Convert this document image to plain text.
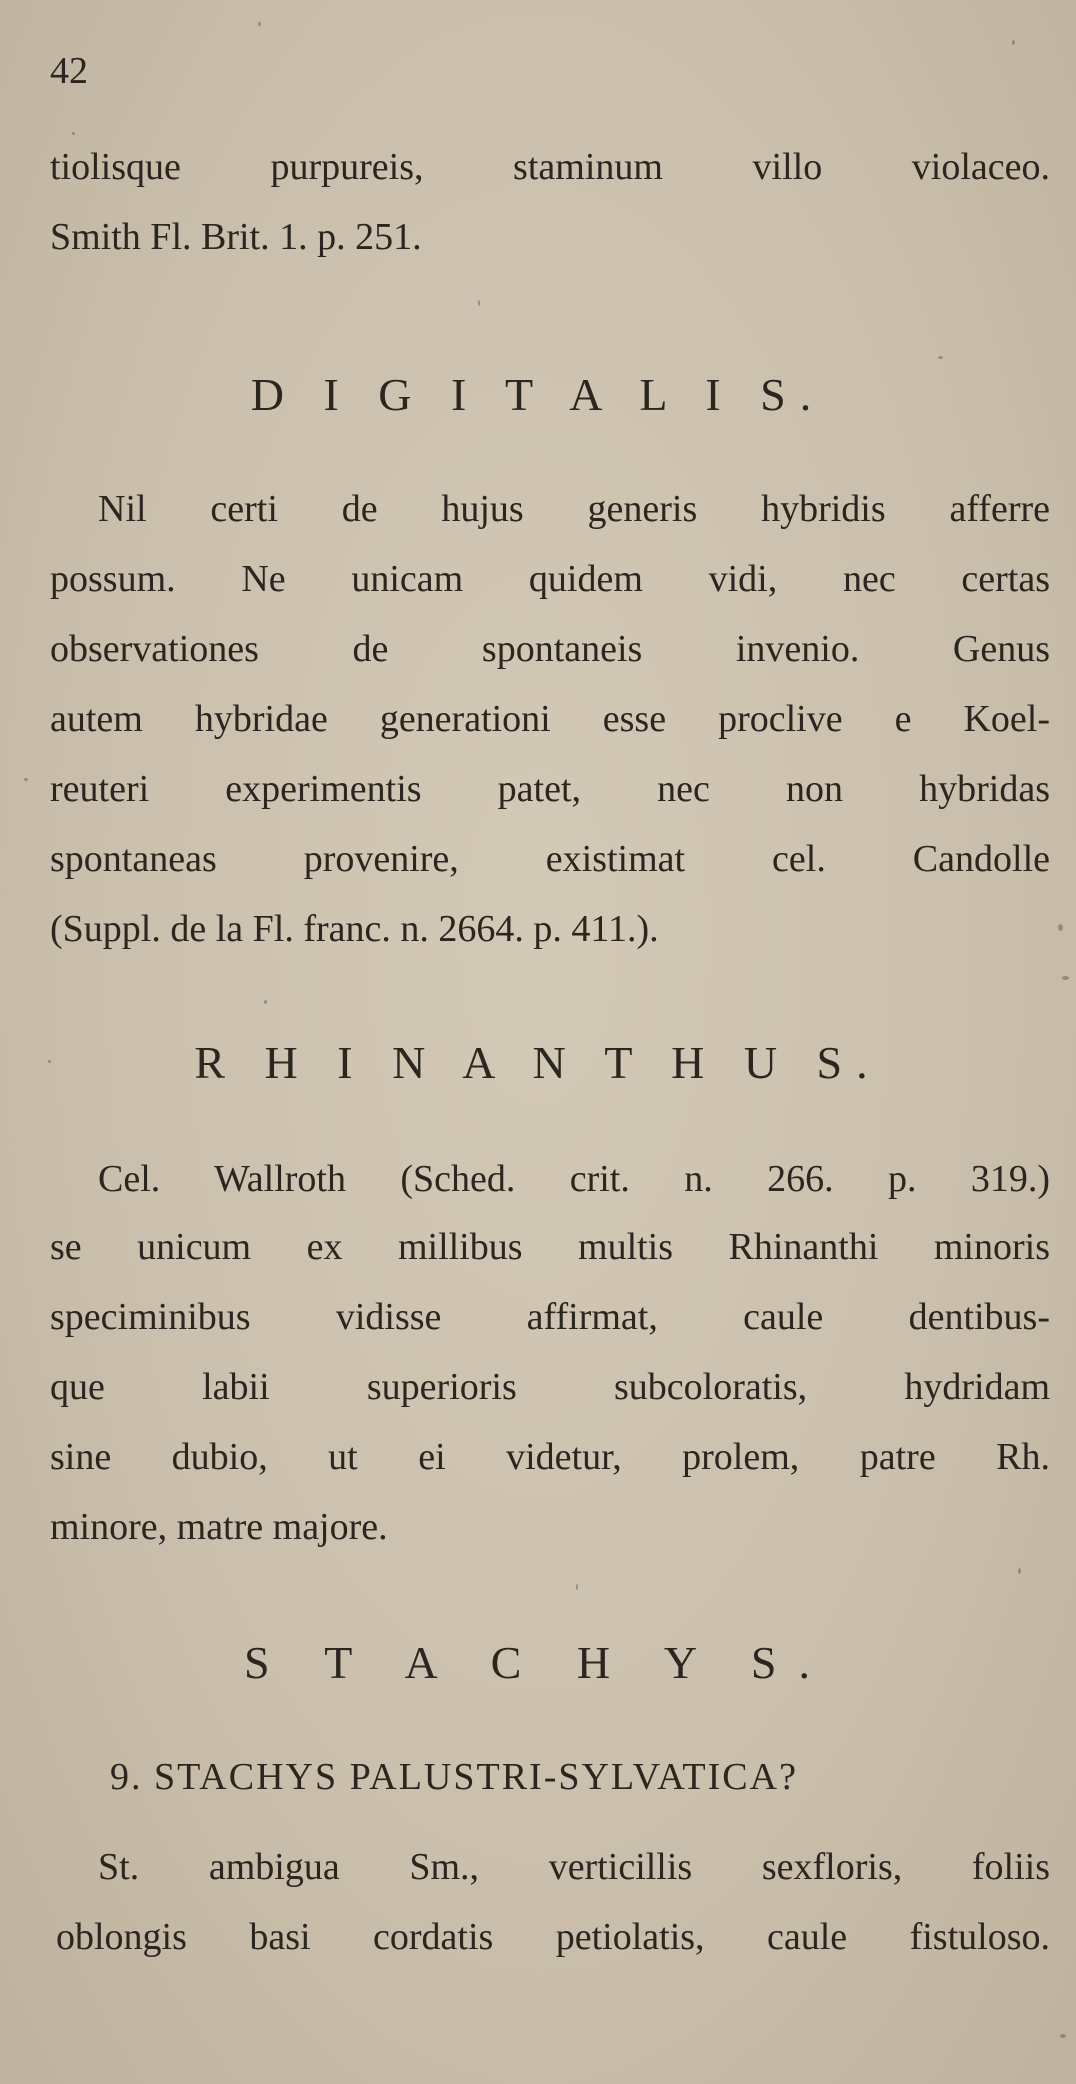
42
tiolisque purpureis, staminum villo violaceo.
Smith Fl. Brit. 1. p. 251.
D I G I T A L I S.
Nil certi de hujus generis hybridis afferre
possum. Ne unicam quidem vidi, nec certas
observationes de spontaneis invenio. Genus
autem hybridae generationi esse proclive e Koel-
reuteri experimentis patet, nec non hybridas
spontaneas provenire, existimat cel. Candolle
(Suppl. de la Fl. franc. n. 2664. p. 411.).
R H I N A N T H U S.
Cel. Wallroth (Sched. crit. n. 266. p. 319.)
se unicum ex millibus multis Rhinanthi minoris
speciminibus vidisse affirmat, caule dentibus-
que labii superioris subcoloratis, hydridam
sine dubio, ut ei videtur, prolem, patre Rh.
minore, matre majore.
S T A C H Y S.
9. STACHYS PALUSTRI-SYLVATICA?
St. ambigua Sm., verticillis sexfloris, foliis
oblongis basi cordatis petiolatis, caule fistuloso.
